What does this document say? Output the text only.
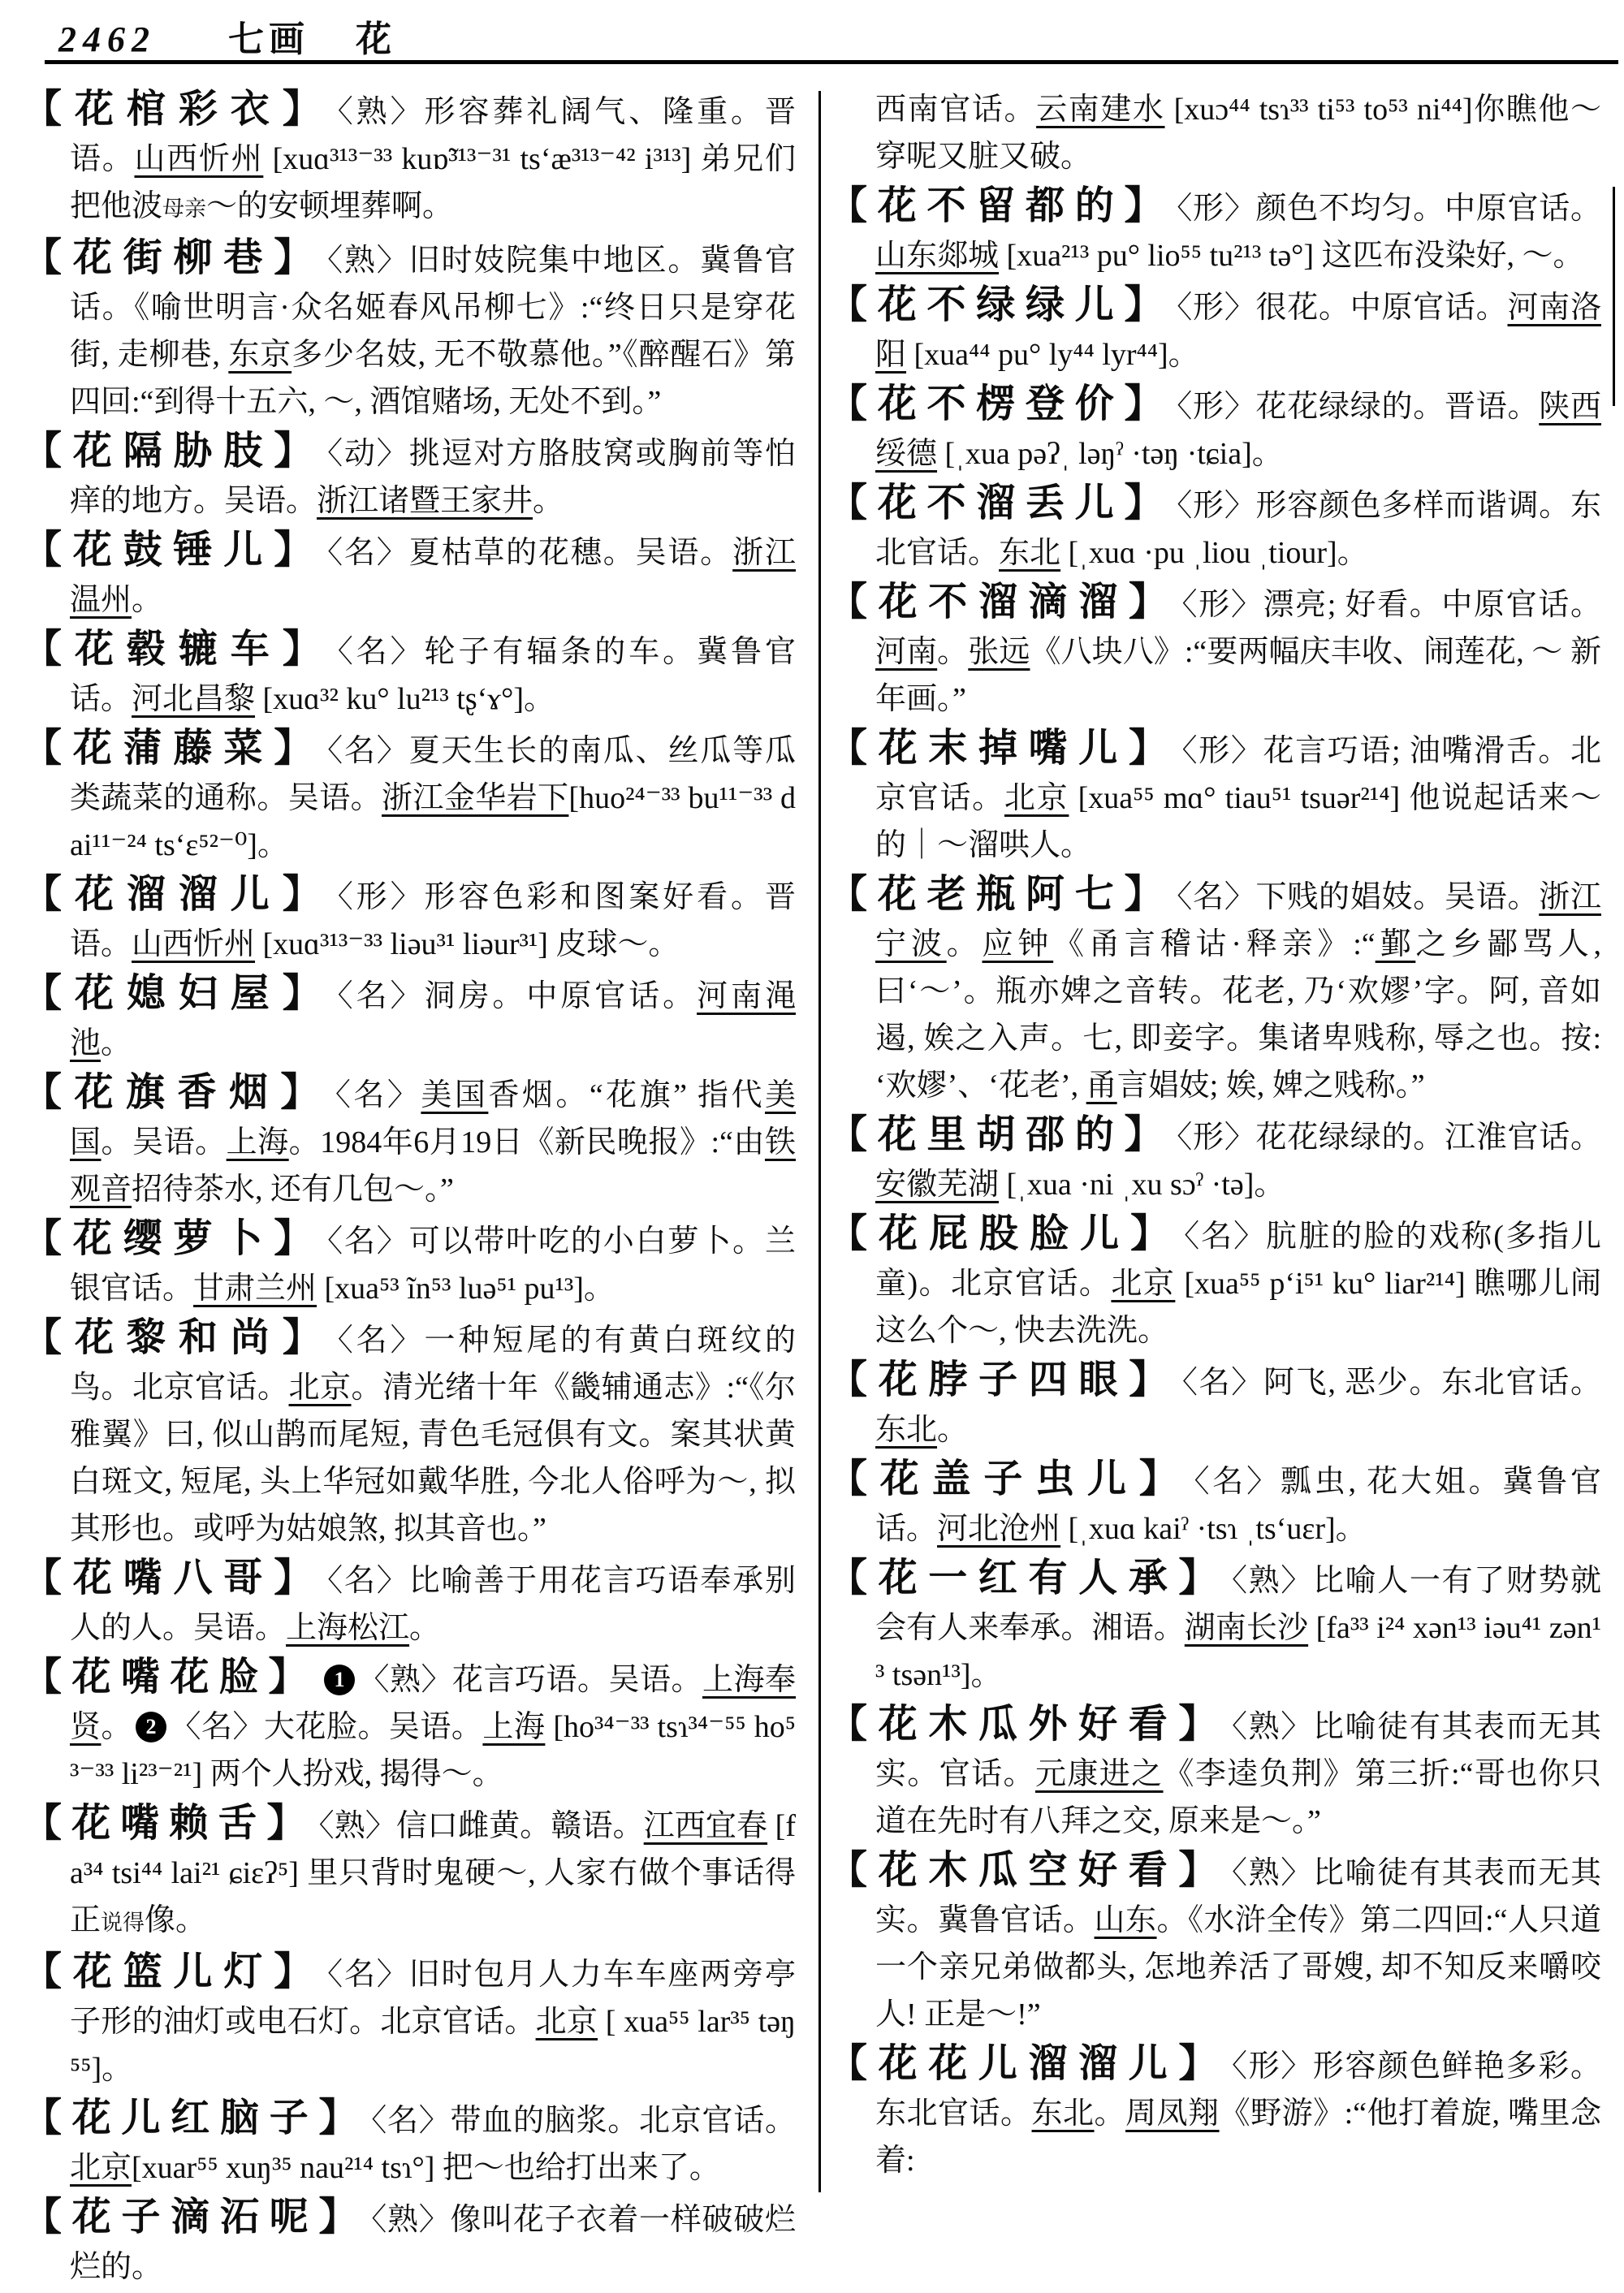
2462 七画 花
【花棺彩衣】 〈熟〉形容葬礼阔气、隆重。晋语。山西忻州 [xuɑ³¹³⁻³³ kuɒ̃³¹³⁻³¹ ts‘æ³¹³⁻⁴² i³¹³] 弟兄们把他波母亲～的安顿埋葬啊。
【花街柳巷】 〈熟〉旧时妓院集中地区。冀鲁官话。《喻世明言·众名姬春风吊柳七》:“终日只是穿花街, 走柳巷, 东京多少名妓, 无不敬慕他。”《醉醒石》第四回:“到得十五六, ～, 酒馆赌场, 无处不到。”
【花隔胁肢】 〈动〉挑逗对方胳肢窝或胸前等怕痒的地方。吴语。浙江诸暨王家井。
【花鼓锤儿】 〈名〉夏枯草的花穗。吴语。浙江温州。
【花毂辘车】 〈名〉轮子有辐条的车。冀鲁官话。河北昌黎 [xuɑ³² ku° lu²¹³ tʂ‘ɤ°]。
【花蒲藤菜】 〈名〉夏天生长的南瓜、丝瓜等瓜类蔬菜的通称。吴语。浙江金华岩下[huo²⁴⁻³³ bu¹¹⁻³³ dai¹¹⁻²⁴ ts‘ɛ⁵²⁻⁰]。
【花溜溜儿】 〈形〉形容色彩和图案好看。晋语。山西忻州 [xuɑ³¹³⁻³³ liəu³¹ liəur³¹] 皮球～。
【花媳妇屋】 〈名〉洞房。中原官话。河南渑池。
【花旗香烟】 〈名〉美国香烟。“花旗” 指代美国。吴语。上海。1984年6月19日《新民晚报》:“由铁观音招待茶水, 还有几包～。”
【花缨萝卜】 〈名〉可以带叶吃的小白萝卜。兰银官话。甘肃兰州 [xua⁵³ ĩn⁵³ luə⁵¹ pu¹³]。
【花黎和尚】 〈名〉一种短尾的有黄白斑纹的鸟。北京官话。北京。清光绪十年《畿辅通志》:“《尔雅翼》曰, 似山鹊而尾短, 青色毛冠俱有文。案其状黄白斑文, 短尾, 头上华冠如戴华胜, 今北人俗呼为～, 拟其形也。或呼为姑娘煞, 拟其音也。”
【花嘴八哥】 〈名〉比喻善于用花言巧语奉承别人的人。吴语。上海松江。
【花嘴花脸】 1 〈熟〉花言巧语。吴语。上海奉贤。 2 〈名〉大花脸。吴语。上海 [ho³⁴⁻³³ tsɿ³⁴⁻⁵⁵ ho⁵³⁻³³ li²³⁻²¹] 两个人扮戏, 揭得～。
【花嘴赖舌】 〈熟〉信口雌黄。赣语。江西宜春 [fa³⁴ tsi⁴⁴ lai²¹ ɕiɛʔ⁵] 里只背时鬼硬～, 人家冇做个事话得正说得像。
【花篮儿灯】 〈名〉旧时包月人力车车座两旁亭子形的油灯或电石灯。北京官话。北京 [ xua⁵⁵ lar³⁵ təŋ⁵⁵]。
【花儿红脑子】 〈名〉带血的脑浆。北京官话。北京[xuar⁵⁵ xuŋ³⁵ nau²¹⁴ tsɿ°] 把～也给打出来了。
【花子滴沰呢】 〈熟〉像叫花子衣着一样破破烂烂的。
西南官话。云南建水 [xuɔ⁴⁴ tsɿ³³ ti⁵³ to⁵³ ni⁴⁴]你瞧他～穿呢又脏又破。
【花不留都的】 〈形〉颜色不均匀。中原官话。山东郯城 [xua²¹³ pu° lio⁵⁵ tu²¹³ tə°] 这匹布没染好, ～。
【花不绿绿儿】 〈形〉很花。中原官话。河南洛阳 [xua⁴⁴ pu° ly⁴⁴ lyr⁴⁴]。
【花不楞登价】 〈形〉花花绿绿的。晋语。陕西绥德 [ˌxua pəʔˌ ləŋˀ ·təŋ ·tɕia]。
【花不溜丢儿】 〈形〉形容颜色多样而谐调。东北官话。东北 [ˌxuɑ ·pu ˌliou ˌtiour]。
【花不溜滴溜】 〈形〉漂亮; 好看。中原官话。河南。张远《八块八》:“要两幅庆丰收、闹莲花, ～ 新年画。”
【花末掉嘴儿】 〈形〉花言巧语; 油嘴滑舌。北京官话。北京 [xua⁵⁵ mɑ° tiau⁵¹ tsuər²¹⁴] 他说起话来～的｜～溜哄人。
【花老瓶阿七】 〈名〉下贱的娼妓。吴语。浙江宁波。应钟《甬言稽诂·释亲》:“鄞之乡鄙骂人, 曰‘～’。瓶亦婢之音转。花老, 乃‘欢嫪’字。阿, 音如遏, 娭之入声。七, 即妾字。集诸卑贱称, 辱之也。按: ‘欢嫪’、‘花老’, 甬言娼妓; 娭, 婢之贱称。”
【花里胡邵的】 〈形〉花花绿绿的。江淮官话。安徽芜湖 [ˌxua ·ni ˌxu sɔˀ ·tə]。
【花屁股脸儿】 〈名〉肮脏的脸的戏称(多指儿童)。北京官话。北京 [xua⁵⁵ p‘i⁵¹ ku° liar²¹⁴] 瞧哪儿闹这么个～, 快去洗洗。
【花脖子四眼】 〈名〉阿飞, 恶少。东北官话。东北。
【花盖子虫儿】 〈名〉瓢虫, 花大姐。冀鲁官话。河北沧州 [ˌxuɑ kaiˀ ·tsɿ ˌts‘uɛr]。
【花一红有人承】 〈熟〉比喻人一有了财势就会有人来奉承。湘语。湖南长沙 [fa³³ i²⁴ xən¹³ iəu⁴¹ zən¹³ tsən¹³]。
【花木瓜外好看】 〈熟〉比喻徒有其表而无其实。官话。元康进之《李逵负荆》第三折:“哥也你只道在先时有八拜之交, 原来是～。”
【花木瓜空好看】 〈熟〉比喻徒有其表而无其实。冀鲁官话。山东。《水浒全传》第二四回:“人只道一个亲兄弟做都头, 怎地养活了哥嫂, 却不知反来嚼咬人! 正是～!”
【花花儿溜溜儿】 〈形〉形容颜色鲜艳多彩。东北官话。东北。周凤翔《野游》:“他打着旋, 嘴里念着:
